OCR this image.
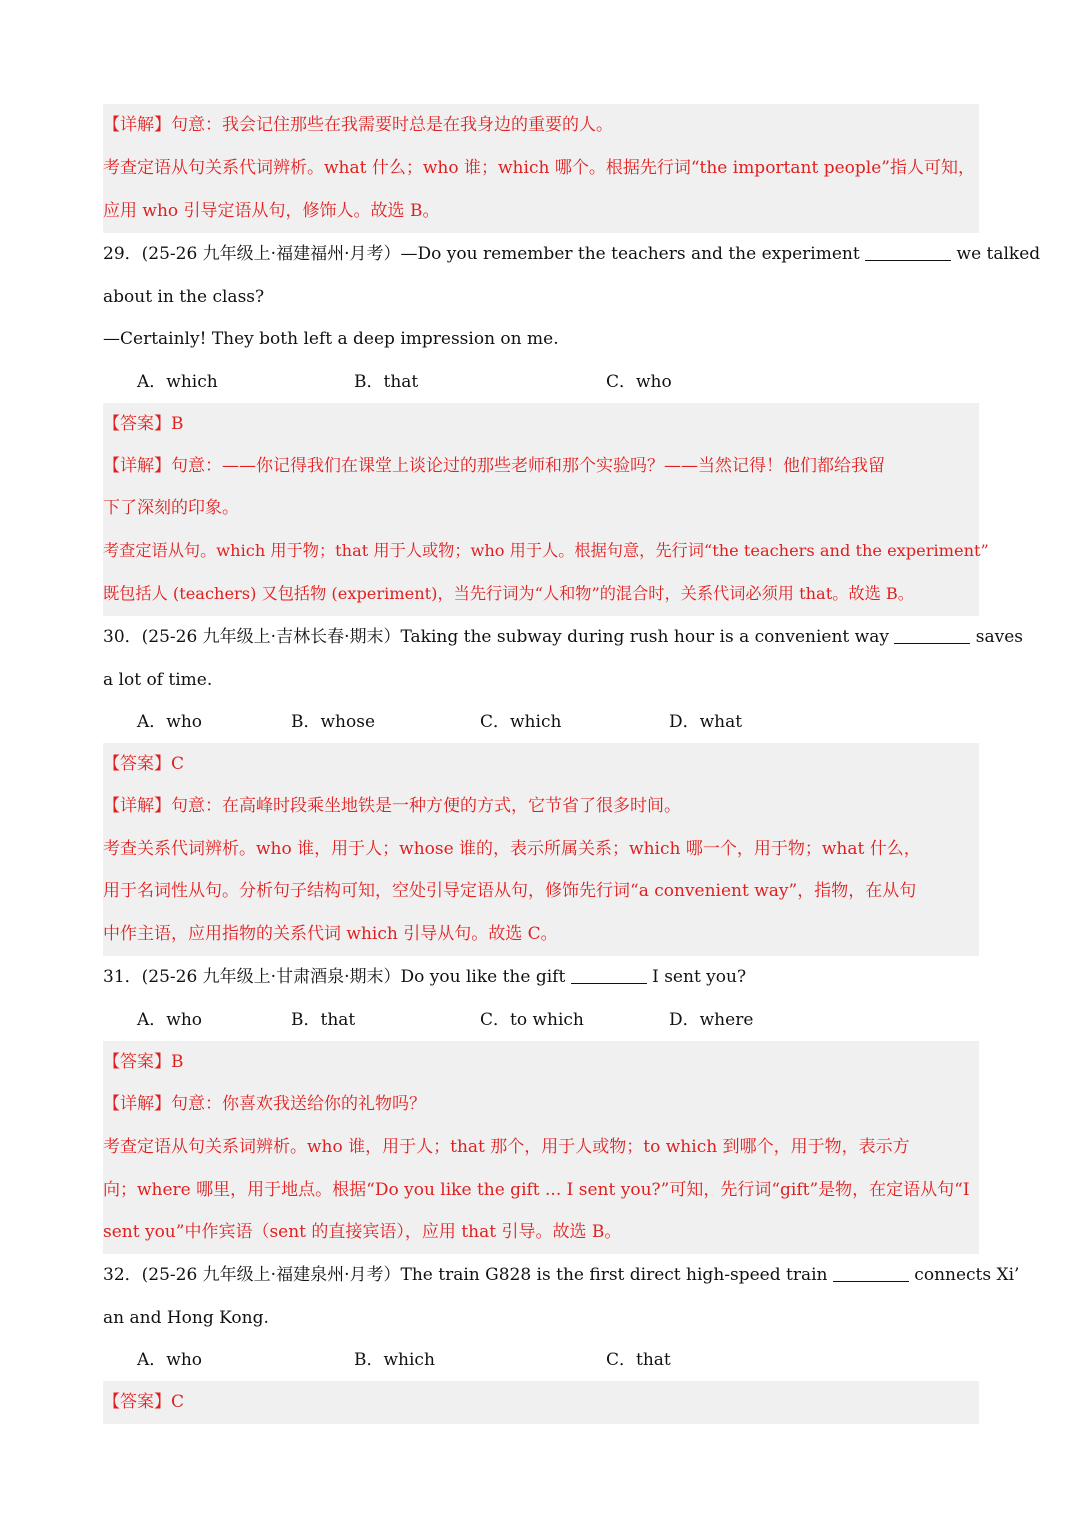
【详解】句意：我会记住那些在我需要时总是在我身边的重要的人。
考查定语从句关系代词辨析。what 什么；who 谁；which 哪个。根据先行词“the important people”指人可知，
应用 who 引导定语从句，修饰人。故选 B。
29．(25-26 九年级上·福建福州·月考）—Do you remember the teachers and the experiment	we talked
about in the class?
—Certainly! They both left a deep impression on me.
A．which	B．that	C．who
【答案】B
【详解】句意：——你记得我们在课堂上谈论过的那些老师和那个实验吗？——当然记得！他们都给我留
下了深刻的印象。
考查定语从句。which 用于物；that 用于人或物；who 用于人。根据句意，先行词“the teachers and the experiment”
既包括人 (teachers) 又包括物 (experiment)，当先行词为“人和物”的混合时，关系代词必须用 that。故选 B。
30．(25-26 九年级上·吉林长春·期末）Taking the subway during rush hour is a convenient way	saves
a lot of time.
A．who	B．whose	C．which	D．what
【答案】C
【详解】句意：在高峰时段乘坐地铁是一种方便的方式，它节省了很多时间。
考查关系代词辨析。who 谁，用于人；whose 谁的，表示所属关系；which 哪一个，用于物；what 什么，
用于名词性从句。分析句子结构可知，空处引导定语从句，修饰先行词“a convenient way”，指物，在从句
中作主语，应用指物的关系代词 which 引导从句。故选 C。
31．(25-26 九年级上·甘肃酒泉·期末）Do you like the gift	I sent you?
A．who	B．that	C．to which	D．where
【答案】B
【详解】句意：你喜欢我送给你的礼物吗？
考查定语从句关系词辨析。who 谁，用于人；that 那个，用于人或物；to which 到哪个，用于物，表示方
向；where 哪里，用于地点。根据“Do you like the gift ... I sent you?”可知，先行词“gift”是物，在定语从句“I
sent you”中作宾语（sent 的直接宾语），应用 that 引导。故选 B。
32．(25-26 九年级上·福建泉州·月考）The train G828 is the first direct high-speed train	connects Xi’
an and Hong Kong.
A．who	B．which	C．that
【答案】C
